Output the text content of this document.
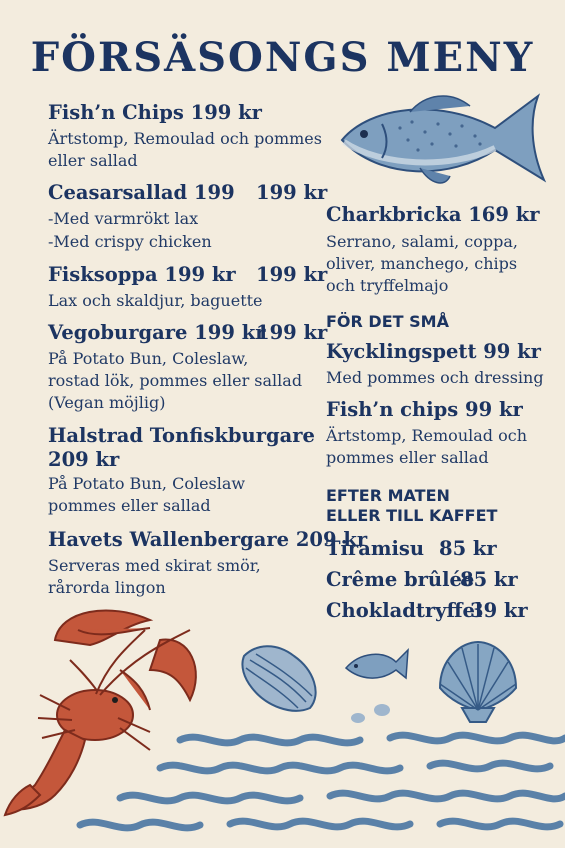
FÖRSÄSONGS MENY
Fish’n Chips 199 kr
Ärtstomp, Remoulad och pommes
eller sallad
Ceasarsallad 199 199 kr
-Med varmrökt lax
-Med crispy chicken
Fisksoppa 199 kr 199 kr
Lax och skaldjur, baguette
Vegoburgare 199 kr
199 kr
På Potato Bun, Coleslaw,
rostad lök, pommes eller sallad
(Vegan möjlig)
Halstrad Tonfiskburgare
209 kr
På Potato Bun, Coleslaw
pommes eller sallad
Havets Wallenbergare 209 kr
Serveras med skirat smör,
rårorda lingon
Charkbricka 169 kr
Serrano, salami, coppa,
oliver, manchego, chips
och tryffelmajo
FÖR DET SMÅ
Kycklingspett 99 kr
Med pommes och dressing
Fish’n chips 99 kr
Ärtstomp, Remoulad och
pommes eller sallad
EFTER MATEN
ELLER TILL KAFFET
Tiramisu 85 kr
Crême brûlée
85 kr
Chokladtryffel
39 kr
